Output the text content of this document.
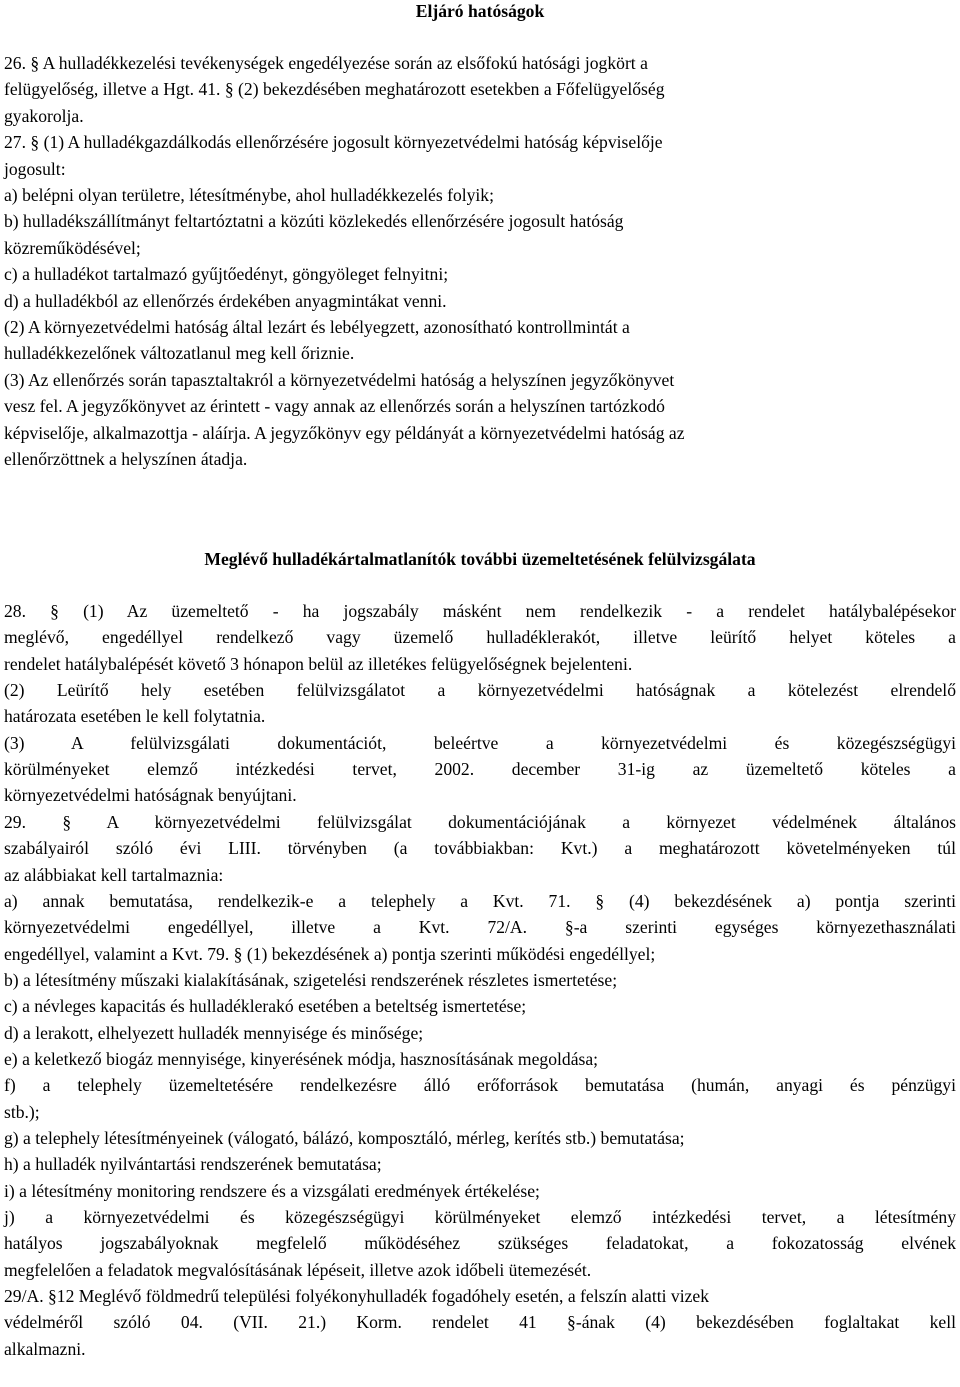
Eljáró hatóságok
26. § A hulladékkezelési tevékenységek engedélyezése során az elsőfokú hatósági jogkört a
felügyelőség, illetve a Hgt. 41. § (2) bekezdésében meghatározott esetekben a Főfelügyelőség
gyakorolja.
27. § (1) A hulladékgazdálkodás ellenőrzésére jogosult környezetvédelmi hatóság képviselője
jogosult:
a) belépni olyan területre, létesítménybe, ahol hulladékkezelés folyik;
b) hulladékszállítmányt feltartóztatni a közúti közlekedés ellenőrzésére jogosult hatóság
közreműködésével;
c) a hulladékot tartalmazó gyűjtőedényt, göngyöleget felnyitni;
d) a hulladékból az ellenőrzés érdekében anyagmintákat venni.
(2) A környezetvédelmi hatóság által lezárt és lebélyegzett, azonosítható kontrollmintát a
hulladékkezelőnek változatlanul meg kell őriznie.
(3) Az ellenőrzés során tapasztaltakról a környezetvédelmi hatóság a helyszínen jegyzőkönyvet
vesz fel. A jegyzőkönyvet az érintett - vagy annak az ellenőrzés során a helyszínen tartózkodó
képviselője, alkalmazottja - aláírja. A jegyzőkönyv egy példányát a környezetvédelmi hatóság az
ellenőrzöttnek a helyszínen átadja.
Meglévő hulladékártalmatlanítók további üzemeltetésének felülvizsgálata
28. § (1) Az üzemeltető - ha jogszabály másként nem rendelkezik - a rendelet hatálybalépésekor
meglévő, engedéllyel rendelkező vagy üzemelő hulladéklerakót, illetve leürítő helyet köteles a
rendelet hatálybalépését követő 3 hónapon belül az illetékes felügyelőségnek bejelenteni.
(2) Leürítő hely esetében felülvizsgálatot a környezetvédelmi hatóságnak a kötelezést elrendelő
határozata esetében le kell folytatnia.
(3) A felülvizsgálati dokumentációt, beleértve a környezetvédelmi és közegészségügyi
körülményeket elemző intézkedési tervet, 2002. december 31-ig az üzemeltető köteles a
környezetvédelmi hatóságnak benyújtani.
29. § A környezetvédelmi felülvizsgálat dokumentációjának a környezet védelmének általános
szabályairól szóló évi LIII. törvényben (a továbbiakban: Kvt.) a meghatározott követelményeken túl
az alábbiakat kell tartalmaznia:
a) annak bemutatása, rendelkezik-e a telephely a Kvt. 71. § (4) bekezdésének a) pontja szerinti
környezetvédelmi engedéllyel, illetve a Kvt. 72/A. §-a szerinti egységes környezethasználati
engedéllyel, valamint a Kvt. 79. § (1) bekezdésének a) pontja szerinti működési engedéllyel;
b) a létesítmény műszaki kialakításának, szigetelési rendszerének részletes ismertetése;
c) a névleges kapacitás és hulladéklerakó esetében a beteltség ismertetése;
d) a lerakott, elhelyezett hulladék mennyisége és minősége;
e) a keletkező biogáz mennyisége, kinyerésének módja, hasznosításának megoldása;
f) a telephely üzemeltetésére rendelkezésre álló erőforrások bemutatása (humán, anyagi és pénzügyi
stb.);
g) a telephely létesítményeinek (válogató, bálázó, komposztáló, mérleg, kerítés stb.) bemutatása;
h) a hulladék nyilvántartási rendszerének bemutatása;
i) a létesítmény monitoring rendszere és a vizsgálati eredmények értékelése;
j) a környezetvédelmi és közegészségügyi körülményeket elemző intézkedési tervet, a létesítmény
hatályos jogszabályoknak megfelelő működéséhez szükséges feladatokat, a fokozatosság elvének
megfelelően a feladatok megvalósításának lépéseit, illetve azok időbeli ütemezését.
29/A. §12 Meglévő földmedrű települési folyékonyhulladék fogadóhely esetén, a felszín alatti vizek
védelméről szóló 04. (VII. 21.) Korm. rendelet 41 §-ának (4) bekezdésében foglaltakat kell
alkalmazni.
